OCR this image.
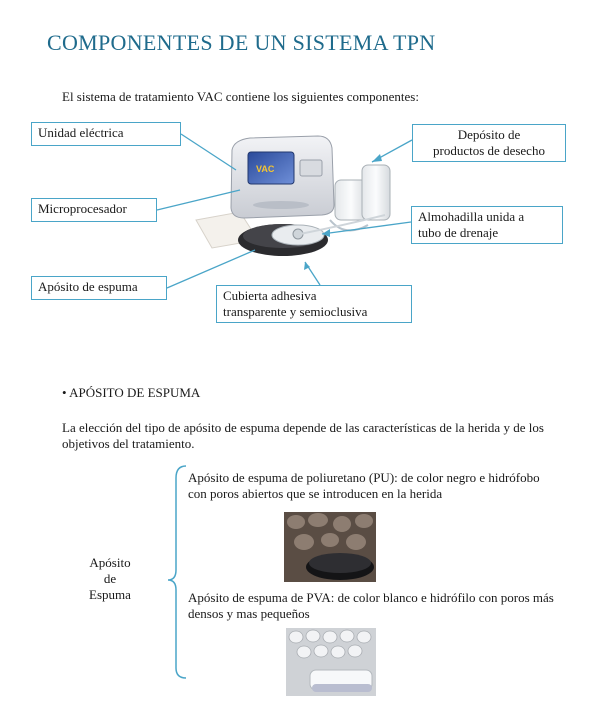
COMPONENTES DE UN SISTEMA TPN
El sistema de tratamiento VAC contiene los siguientes componentes:
VAC
Unidad eléctrica
Microprocesador
Apósito de espuma
Cubierta adhesiva
transparente y semioclusiva
Depósito de
productos de desecho
Almohadilla unida a
tubo de drenaje
• APÓSITO DE ESPUMA
La elección del tipo de apósito de espuma depende de las características de la herida y de los objetivos del tratamiento.
Apósito
de
Espuma
Apósito de espuma de poliuretano (PU): de color negro e hidrófobo con poros abiertos que se introducen en la herida
Apósito de espuma de PVA: de color blanco e hidrófilo con poros más densos y mas pequeños
